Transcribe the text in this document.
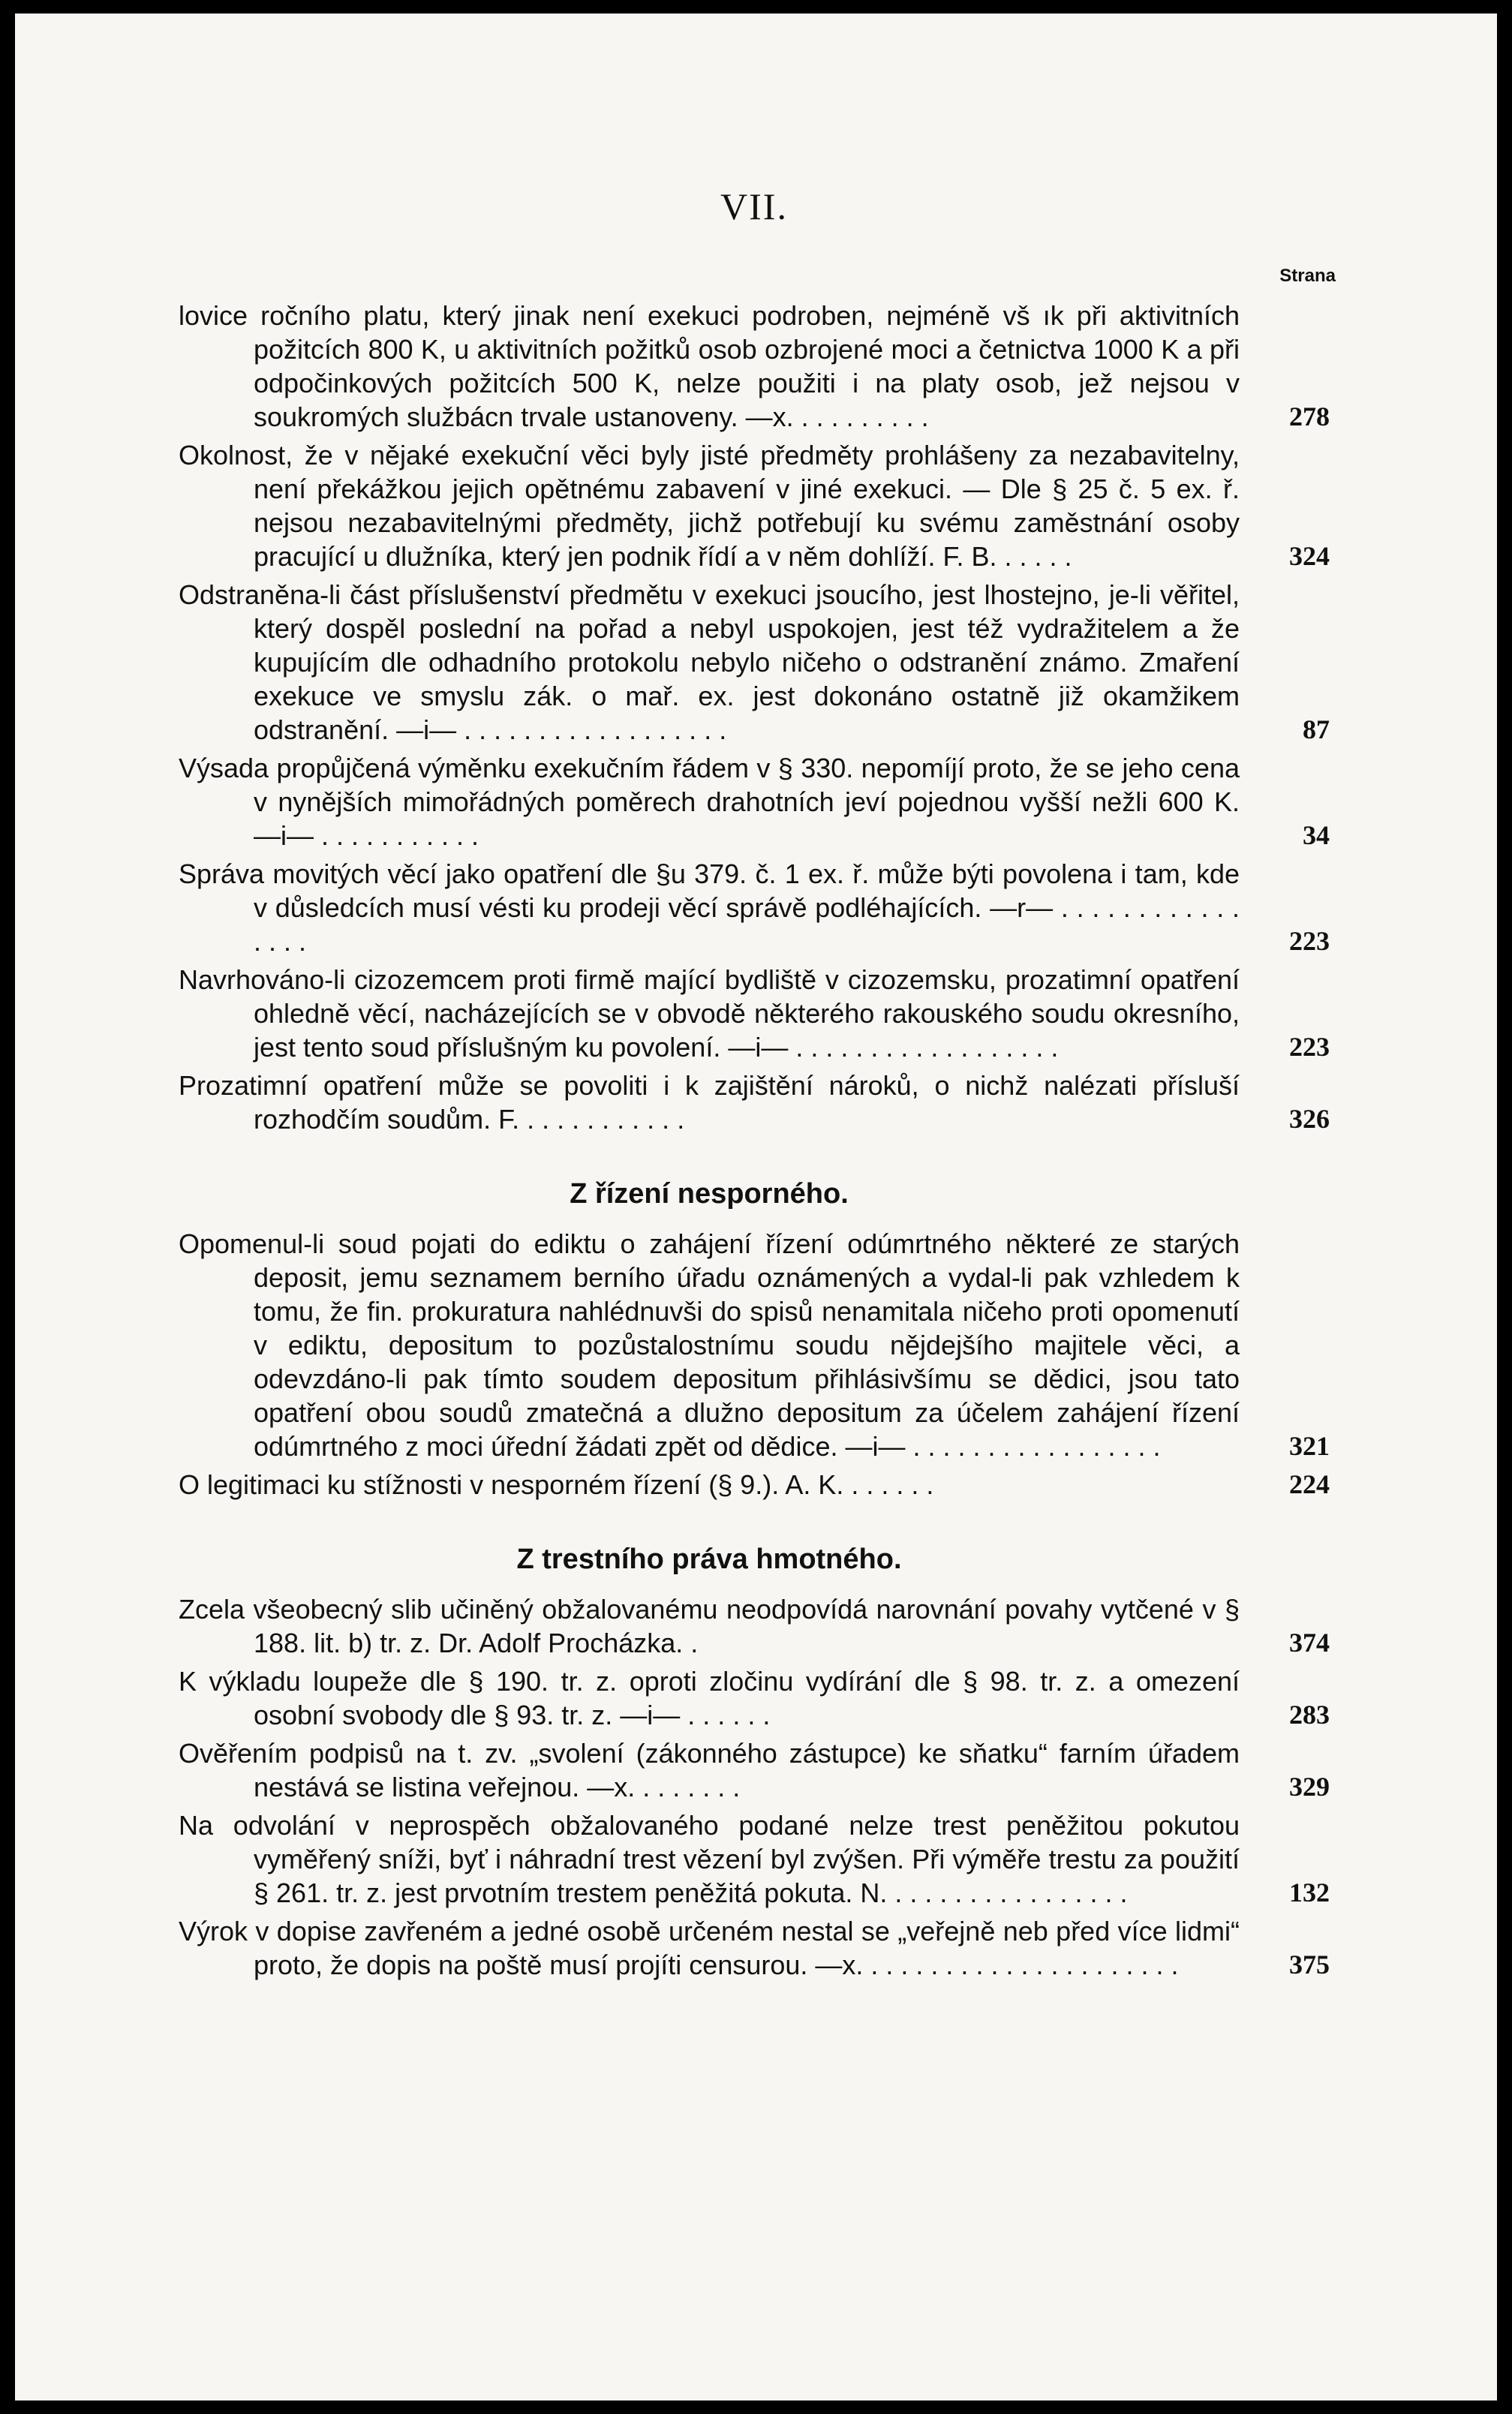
VII.
Strana
lovice ročního platu, který jinak není exekuci podroben, nejméně vš ık při aktivitních požitcích 800 K, u aktivitních požitků osob ozbrojené moci a četnictva 1000 K a při odpočinkových požitcích 500 K, nelze použiti i na platy osob, jež nejsou v soukromých službácn trvale ustanoveny. —x. . . . . . . . . .	278
Okolnost, že v nějaké exekuční věci byly jisté předměty prohlášeny za nezabavitelny, není překážkou jejich opětnému zabavení v jiné exekuci. — Dle § 25 č. 5 ex. ř. nejsou nezabavitelnými předměty, jichž potřebují ku svému zaměstnání osoby pracující u dlužníka, který jen podnik řídí a v něm dohlíží. F. B. . . . . .	324
Odstraněna-li část příslušenství předmětu v exekuci jsoucího, jest lhostejno, je-li věřitel, který dospěl poslední na pořad a nebyl uspokojen, jest též vydražitelem a že kupujícím dle odhadního protokolu nebylo ničeho o odstranění známo. Zmaření exekuce ve smyslu zák. o mař. ex. jest dokonáno ostatně již okamžikem odstranění. —i— . . . . . . . . . . . . . . . . . .	87
Výsada propůjčená výměnku exekučním řádem v § 330. nepomíjí proto, že se jeho cena v nynějších mimořádných poměrech drahotních jeví pojednou vyšší nežli 600 K. —i— . . . . . . . . . . .	34
Správa movitých věcí jako opatření dle §u 379. č. 1 ex. ř. může býti povolena i tam, kde v důsledcích musí vésti ku prodeji věcí správě podléhajících. —r— . . . . . . . . . . . . . . . .	223
Navrhováno-li cizozemcem proti firmě mající bydliště v cizozemsku, prozatimní opatření ohledně věcí, nacházejících se v obvodě některého rakouského soudu okresního, jest tento soud příslušným ku povolení. —i— . . . . . . . . . . . . . . . . . .	223
Prozatimní opatření může se povoliti i k zajištění nároků, o nichž nalézati přísluší rozhodčím soudům. F. . . . . . . . . . . .	326
Z řízení nesporného.
Opomenul-li soud pojati do ediktu o zahájení řízení odúmrtného některé ze starých deposit, jemu seznamem berního úřadu oznámených a vydal-li pak vzhledem k tomu, že fin. prokuratura nahlédnuvši do spisů nenamitala ničeho proti opomenutí v ediktu, depositum to pozůstalostnímu soudu nějdejšího majitele věci, a odevzdáno-li pak tímto soudem depositum přihlásivšímu se dědici, jsou tato opatření obou soudů zmatečná a dlužno depositum za účelem zahájení řízení odúmrtného z moci úřední žádati zpět od dědice. —i— . . . . . . . . . . . . . . . . .	321
O legitimaci ku stížnosti v nesporném řízení (§ 9.). A. K. . . . . . .	224
Z trestního práva hmotného.
Zcela všeobecný slib učiněný obžalovanému neodpovídá narovnání povahy vytčené v § 188. lit. b) tr. z. Dr. Adolf Procházka. .	374
K výkladu loupeže dle § 190. tr. z. oproti zločinu vydírání dle § 98. tr. z. a omezení osobní svobody dle § 93. tr. z. —i— . . . . . .	283
Ověřením podpisů na t. zv. „svolení (zákonného zástupce) ke sňatku“ farním úřadem nestává se listina veřejnou. —x. . . . . . . .	329
Na odvolání v neprospěch obžalovaného podané nelze trest peněžitou pokutou vyměřený sníži, byť i náhradní trest vězení byl zvýšen. Při výměře trestu za použití § 261. tr. z. jest prvotním trestem peněžitá pokuta. N. . . . . . . . . . . . . . . . .	132
Výrok v dopise zavřeném a jedné osobě určeném nestal se „veřejně neb před více lidmi“ proto, že dopis na poště musí projíti censurou. —x. . . . . . . . . . . . . . . . . . . . . .	375
